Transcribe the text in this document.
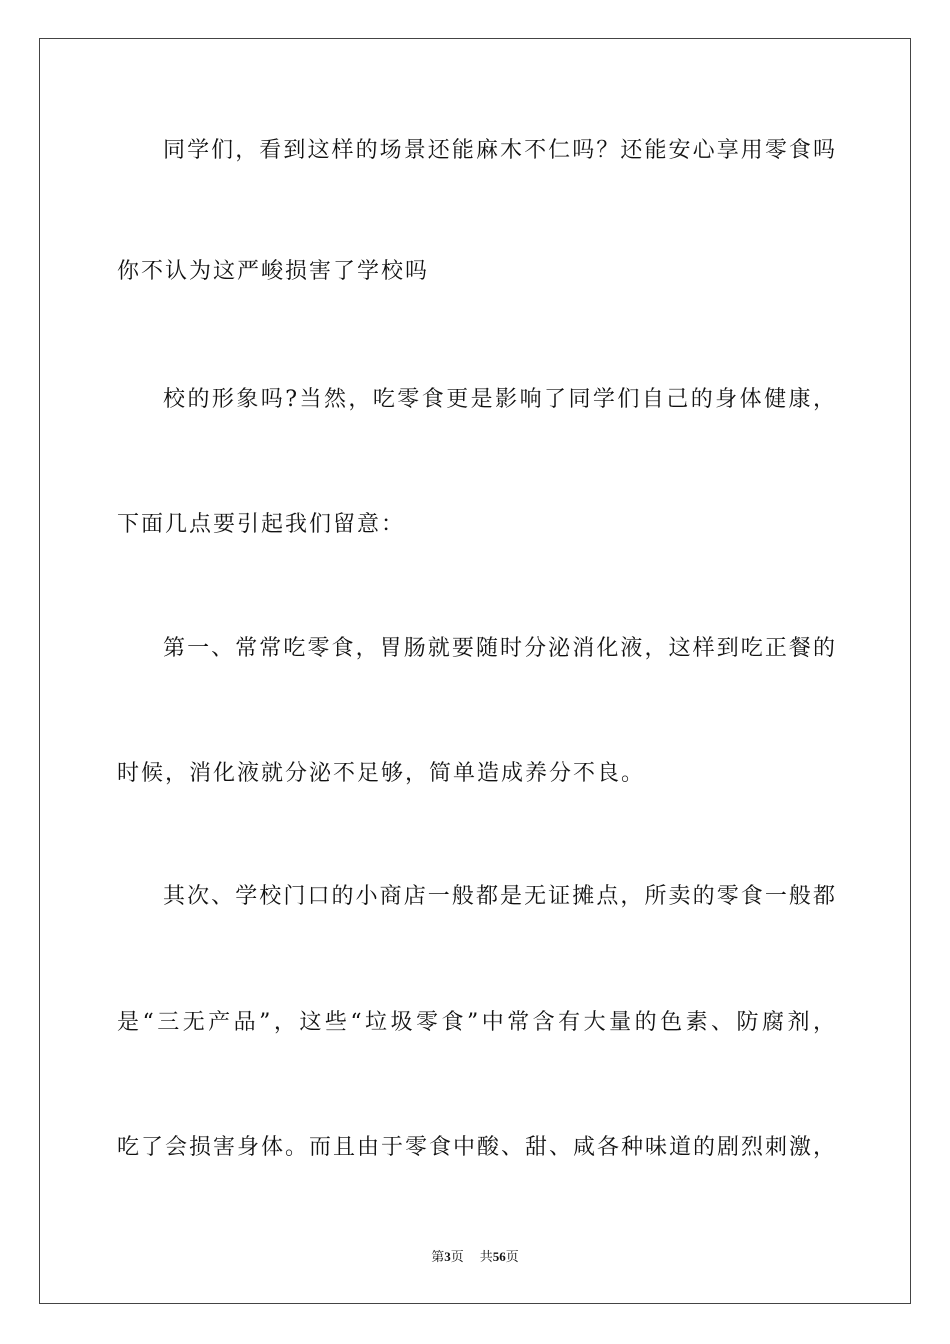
同学们，看到这样的场景还能麻木不仁吗？还能安心享用零食吗
你不认为这严峻损害了学校吗
校的形象吗?当然，吃零食更是影响了同学们自己的身体健康，
下面几点要引起我们留意：
第一、常常吃零食，胃肠就要随时分泌消化液，这样到吃正餐的
时候，消化液就分泌不足够，简单造成养分不良。
其次、学校门口的小商店一般都是无证摊点，所卖的零食一般都
是“三无产品”，这些“垃圾零食”中常含有大量的色素、防腐剂，
吃了会损害身体。而且由于零食中酸、甜、咸各种味道的剧烈刺激，
第3页 共56页
